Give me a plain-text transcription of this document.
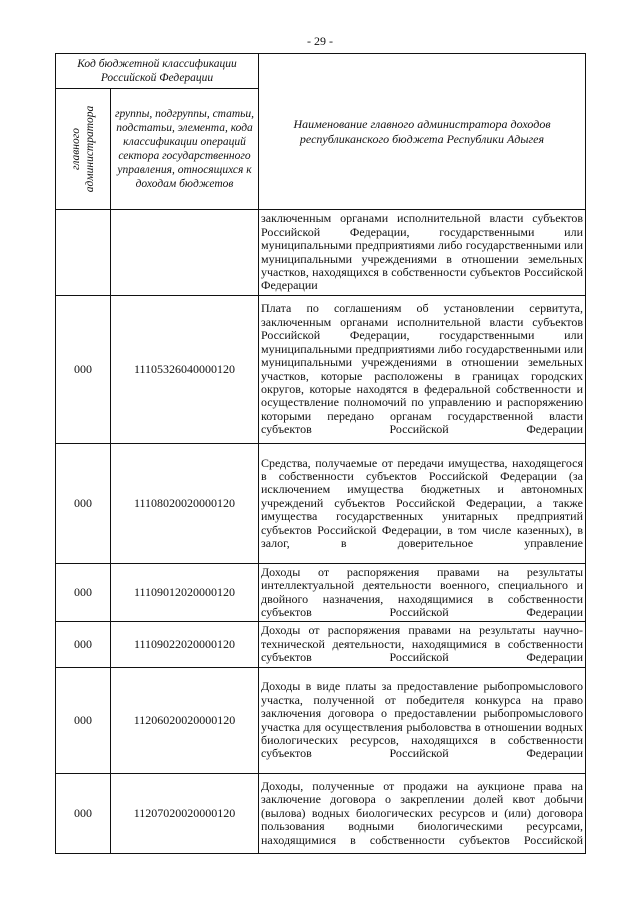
- 29 -
Код бюджетной классификации Российской Федерации		Наименование главного администратора доходов республиканского бюджета Республики Адыгея

главного администратора	группы, подгруппы, статьи, подстатьи, элемента, кода классификации операций сектора государственного управления, относящихся к доходам бюджетов	
		заключенным органами исполнительной власти субъектов Российской Федерации, государственными или муниципальными предприятиями либо государственными или муниципальными учреждениями в отношении земельных участков, находящихся в собственности субъектов Российской Федерации
000	11105326040000120	Плата по соглашениям об установлении сервитута, заключенным органами исполнительной власти субъектов Российской Федерации, государственными или муниципальными предприятиями либо государственными или муниципальными учреждениями в отношении земельных участков, которые расположены в границах городских округов, которые находятся в федеральной собственности и осуществление полномочий по управлению и распоряжению которыми передано органам государственной власти субъектов Российской Федерации
000	11108020020000120	Средства, получаемые от передачи имущества, находящегося в собственности субъектов Российской Федерации (за исключением имущества бюджетных и автономных учреждений субъектов Российской Федерации, а также имущества государственных унитарных предприятий субъектов Российской Федерации, в том числе казенных), в залог, в доверительное управление
000	11109012020000120	Доходы от распоряжения правами на результаты интеллектуальной деятельности военного, специального и двойного назначения, находящимися в собственности субъектов Российской Федерации
000	11109022020000120	Доходы от распоряжения правами на результаты научно-технической деятельности, находящимися в собственности субъектов Российской Федерации
000	11206020020000120	Доходы в виде платы за предоставление рыбопромыслового участка, полученной от победителя конкурса на право заключения договора о предоставлении рыбопромыслового участка для осуществления рыболовства в отношении водных биологических ресурсов, находящихся в собственности субъектов Российской Федерации
000	11207020020000120	Доходы, полученные от продажи на аукционе права на заключение договора о закреплении долей квот добычи (вылова) водных биологических ресурсов и (или) договора пользования водными биологическими ресурсами, находящимися в собственности субъектов Российской
